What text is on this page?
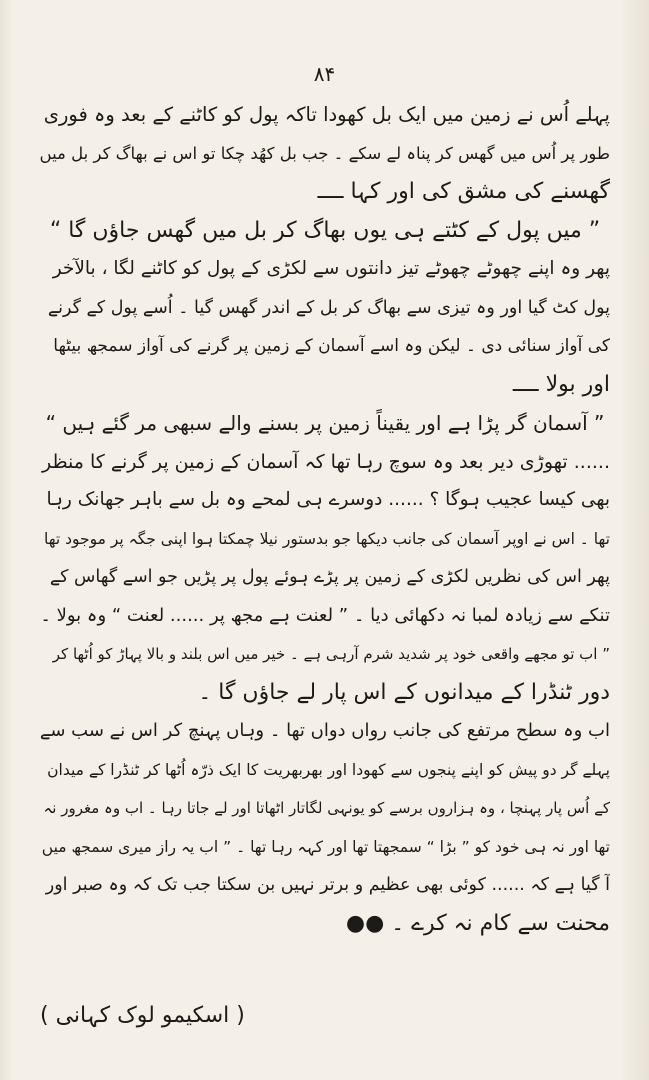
۸۴
پہلے اُس نے زمین میں ایک بل کھودا تاکہ پول کو کاٹنے کے بعد وہ فوری
طور پر اُس میں گھس کر پناہ لے سکے ۔ جب بل کھُد چکا تو اس نے بھاگ کر بل میں
گھسنے کی مشق کی اور کہا ــــ
” میں پول کے کٹتے ہی یوں بھاگ کر بل میں گھس جاؤں گا “
پھر وہ اپنے چھوٹے چھوٹے تیز دانتوں سے لکڑی کے پول کو کاٹنے لگا ، بالآخر
پول کٹ گیا اور وہ تیزی سے بھاگ کر بل کے اندر گھس گیا ۔ اُسے پول کے گرنے
کی آواز سنائی دی ۔ لیکن وہ اسے آسمان کے زمین پر گرنے کی آواز سمجھ بیٹھا
اور بولا ــــ
” آسمان گر پڑا ہے اور یقیناً زمین پر بسنے والے سبھی مر گئے ہیں “
...... تھوڑی دیر بعد وہ سوچ رہا تھا کہ آسمان کے زمین پر گرنے کا منظر
بھی کیسا عجیب ہوگا ؟ ...... دوسرے ہی لمحے وہ بل سے باہر جھانک رہا
تھا ۔ اس نے اوپر آسمان کی جانب دیکھا جو بدستور نیلا چمکتا ہوا اپنی جگہ پر موجود تھا
پھر اس کی نظریں لکڑی کے زمین پر پڑے ہوئے پول پر پڑیں جو اسے گھاس کے
تنکے سے زیادہ لمبا نہ دکھائی دیا ۔ ” لعنت ہے مجھ پر ...... لعنت “ وہ بولا ۔
” اب تو مجھے واقعی خود پر شدید شرم آرہی ہے ۔ خیر میں اس بلند و بالا پہاڑ کو اُٹھا کر
دور ٹنڈرا کے میدانوں کے اس پار لے جاؤں گا ۔
اب وہ سطح مرتفع کی جانب رواں دواں تھا ۔ وہاں پہنچ کر اس نے سب سے
پہلے گر دو پیش کو اپنے پنجوں سے کھودا اور بھربھریت کا ایک ذرّہ اُٹھا کر ٹنڈرا کے میدان
کے اُس پار پہنچا ، وہ ہزاروں برسے کو یونہی لگاتار اٹھاتا اور لے جاتا رہا ۔ اب وہ مغرور نہ
تھا اور نہ ہی خود کو ” بڑا “ سمجھتا تھا اور کہہ رہا تھا ۔ ” اب یہ راز میری سمجھ میں
آ گیا ہے کہ ...... کوئی بھی عظیم و برتر نہیں بن سکتا جب تک کہ وہ صبر اور
محنت سے کام نہ کرے ۔ ●●
( اسکیمو لوک کہانی )
